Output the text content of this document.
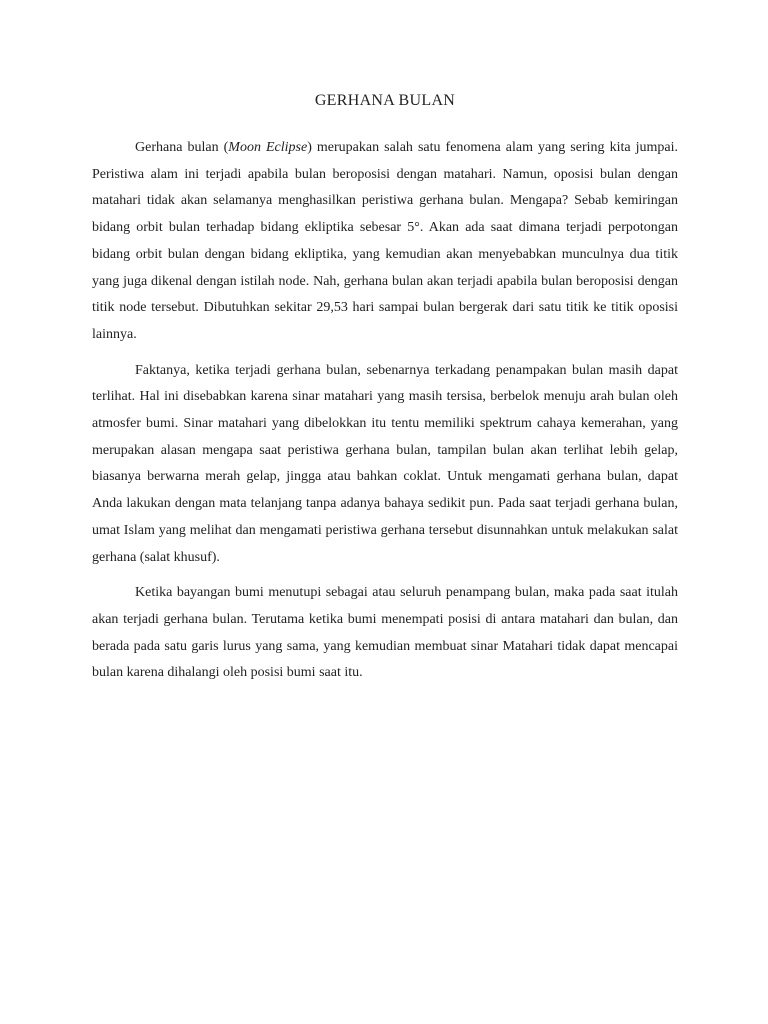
GERHANA BULAN

Gerhana bulan (Moon Eclipse) merupakan salah satu fenomena alam yang sering kita jumpai. Peristiwa alam ini terjadi apabila bulan beroposisi dengan matahari. Namun, oposisi bulan dengan matahari tidak akan selamanya menghasilkan peristiwa gerhana bulan. Mengapa? Sebab kemiringan bidang orbit bulan terhadap bidang ekliptika sebesar 5°. Akan ada saat dimana terjadi perpotongan bidang orbit bulan dengan bidang ekliptika, yang kemudian akan menyebabkan munculnya dua titik yang juga dikenal dengan istilah node. Nah, gerhana bulan akan terjadi apabila bulan beroposisi dengan titik node tersebut. Dibutuhkan sekitar 29,53 hari sampai bulan bergerak dari satu titik ke titik oposisi lainnya.

Faktanya, ketika terjadi gerhana bulan, sebenarnya terkadang penampakan bulan masih dapat terlihat. Hal ini disebabkan karena sinar matahari yang masih tersisa, berbelok menuju arah bulan oleh atmosfer bumi. Sinar matahari yang dibelokkan itu tentu memiliki spektrum cahaya kemerahan, yang merupakan alasan mengapa saat peristiwa gerhana bulan, tampilan bulan akan terlihat lebih gelap, biasanya berwarna merah gelap, jingga atau bahkan coklat. Untuk mengamati gerhana bulan, dapat Anda lakukan dengan mata telanjang tanpa adanya bahaya sedikit pun. Pada saat terjadi gerhana bulan, umat Islam yang melihat dan mengamati peristiwa gerhana tersebut disunnahkan untuk melakukan salat gerhana (salat khusuf).

Ketika bayangan bumi menutupi sebagai atau seluruh penampang bulan, maka pada saat itulah akan terjadi gerhana bulan. Terutama ketika bumi menempati posisi di antara matahari dan bulan, dan berada pada satu garis lurus yang sama, yang kemudian membuat sinar Matahari tidak dapat mencapai bulan karena dihalangi oleh posisi bumi saat itu.
